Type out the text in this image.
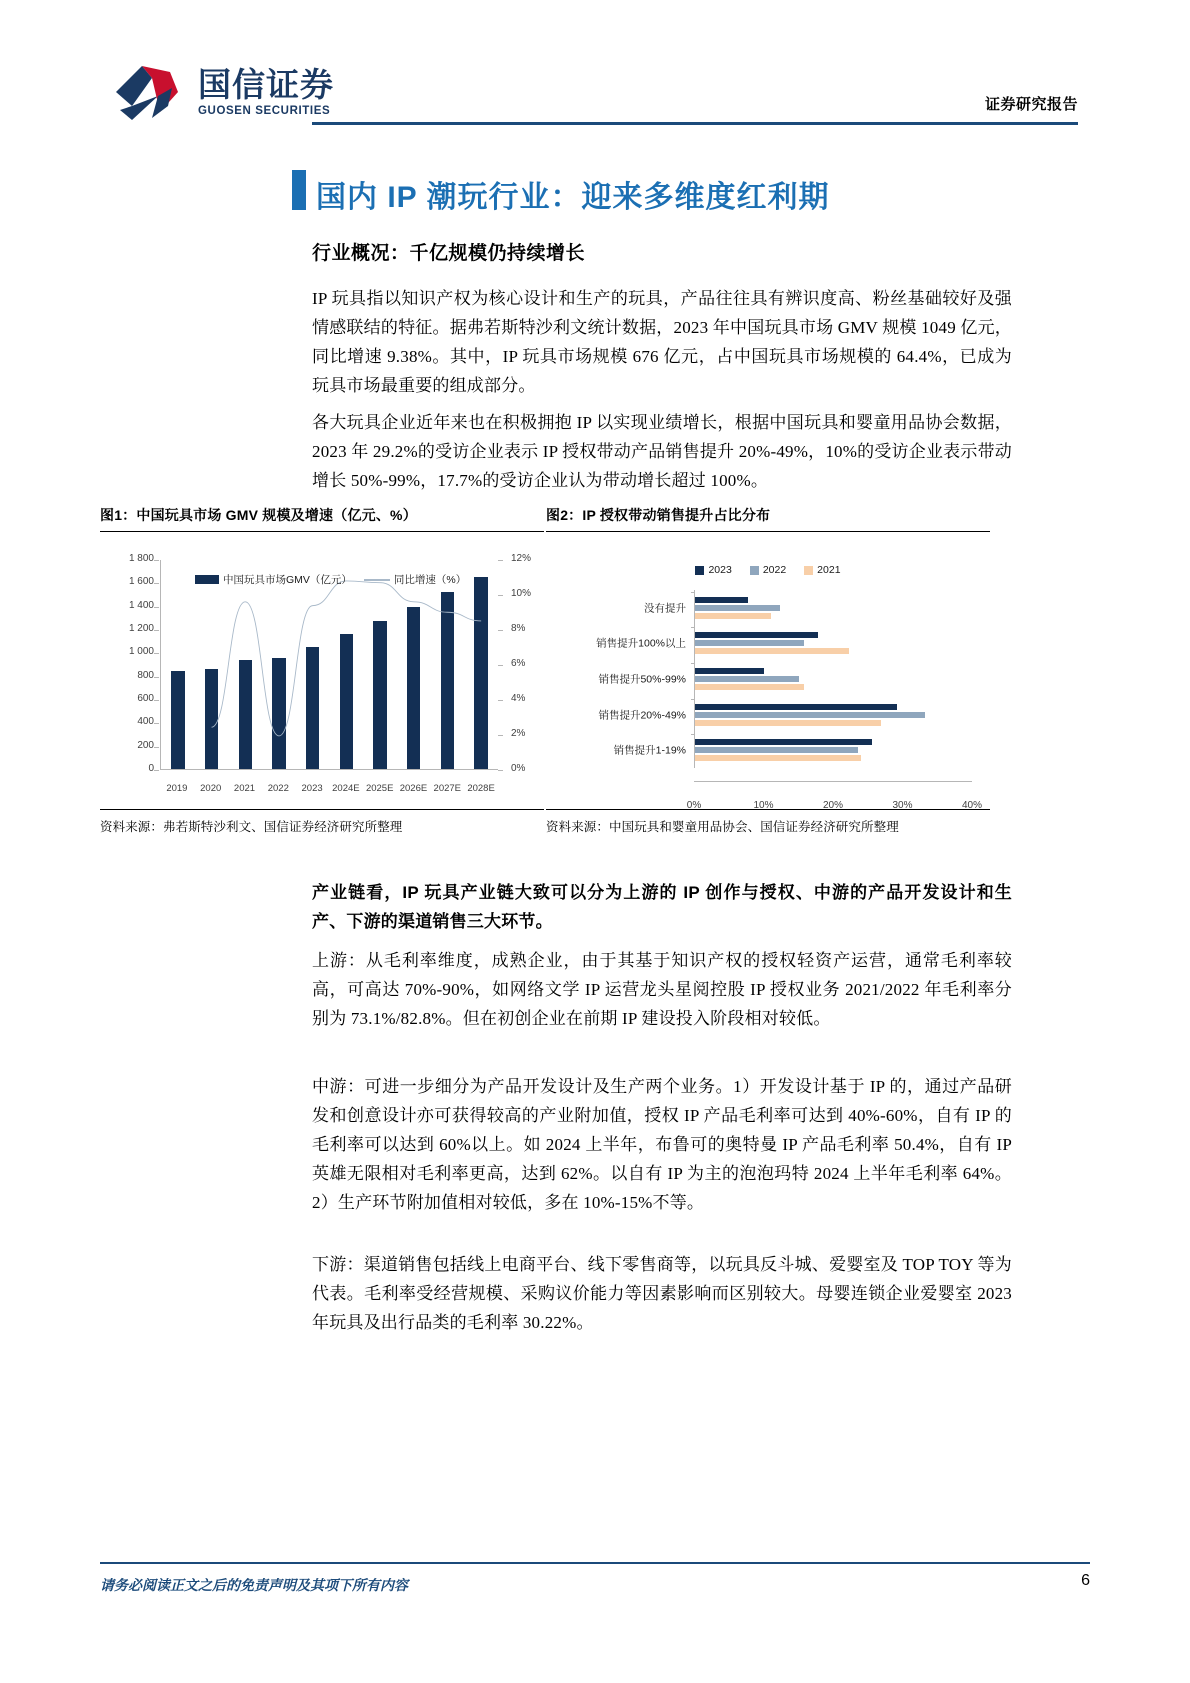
国信证券
GUOSEN SECURITIES	证券研究报告
国内 IP 潮玩行业：迎来多维度红利期
行业概况：千亿规模仍持续增长
IP 玩具指以知识产权为核心设计和生产的玩具，产品往往具有辨识度高、粉丝基础较好及强情感联结的特征。据弗若斯特沙利文统计数据，2023 年中国玩具市场 GMV 规模 1049 亿元，同比增速 9.38%。其中，IP 玩具市场规模 676 亿元，占中国玩具市场规模的 64.4%，已成为玩具市场最重要的组成部分。
各大玩具企业近年来也在积极拥抱 IP 以实现业绩增长，根据中国玩具和婴童用品协会数据，2023 年 29.2%的受访企业表示 IP 授权带动产品销售提升 20%-49%，10%的受访企业表示带动增长 50%-99%，17.7%的受访企业认为带动增长超过 100%。
图1：中国玩具市场 GMV 规模及增速（亿元、%）
0
200
400
600
800
1 000
1 200
1 400
1 600
1 800
0%
2%
4%
6%
8%
10%
12%
2019	2020	2021	2022	2023 2024E 2025E 2026E 2027E 2028E
中国玩具市场GMV（亿元）	同比增速（%）
资料来源：弗若斯特沙利文、国信证券经济研究所整理
图2：IP 授权带动销售提升占比分布
2023	2022	2021
没有提升
销售提升100%以上
销售提升50%-99%
销售提升20%-49%
销售提升1-19%
0%	10%	20%	30%	40%
资料来源：中国玩具和婴童用品协会、国信证券经济研究所整理
产业链看，IP 玩具产业链大致可以分为上游的 IP 创作与授权、中游的产品开发设计和生产、下游的渠道销售三大环节。
上游：从毛利率维度，成熟企业，由于其基于知识产权的授权轻资产运营，通常毛利率较高，可高达 70%-90%，如网络文学 IP 运营龙头星阅控股 IP 授权业务 2021/2022 年毛利率分别为 73.1%/82.8%。但在初创企业在前期 IP 建设投入阶段相对较低。
中游：可进一步细分为产品开发设计及生产两个业务。1）开发设计基于 IP 的，通过产品研发和创意设计亦可获得较高的产业附加值，授权 IP 产品毛利率可达到 40%-60%，自有 IP 的毛利率可以达到 60%以上。如 2024 上半年，布鲁可的奥特曼 IP 产品毛利率 50.4%，自有 IP 英雄无限相对毛利率更高，达到 62%。以自有 IP 为主的泡泡玛特 2024 上半年毛利率 64%。2）生产环节附加值相对较低，多在 10%-15%不等。
下游：渠道销售包括线上电商平台、线下零售商等，以玩具反斗城、爱婴室及 TOP TOY 等为代表。毛利率受经营规模、采购议价能力等因素影响而区别较大。母婴连锁企业爱婴室 2023 年玩具及出行品类的毛利率 30.22%。
请务必阅读正文之后的免责声明及其项下所有内容	6
